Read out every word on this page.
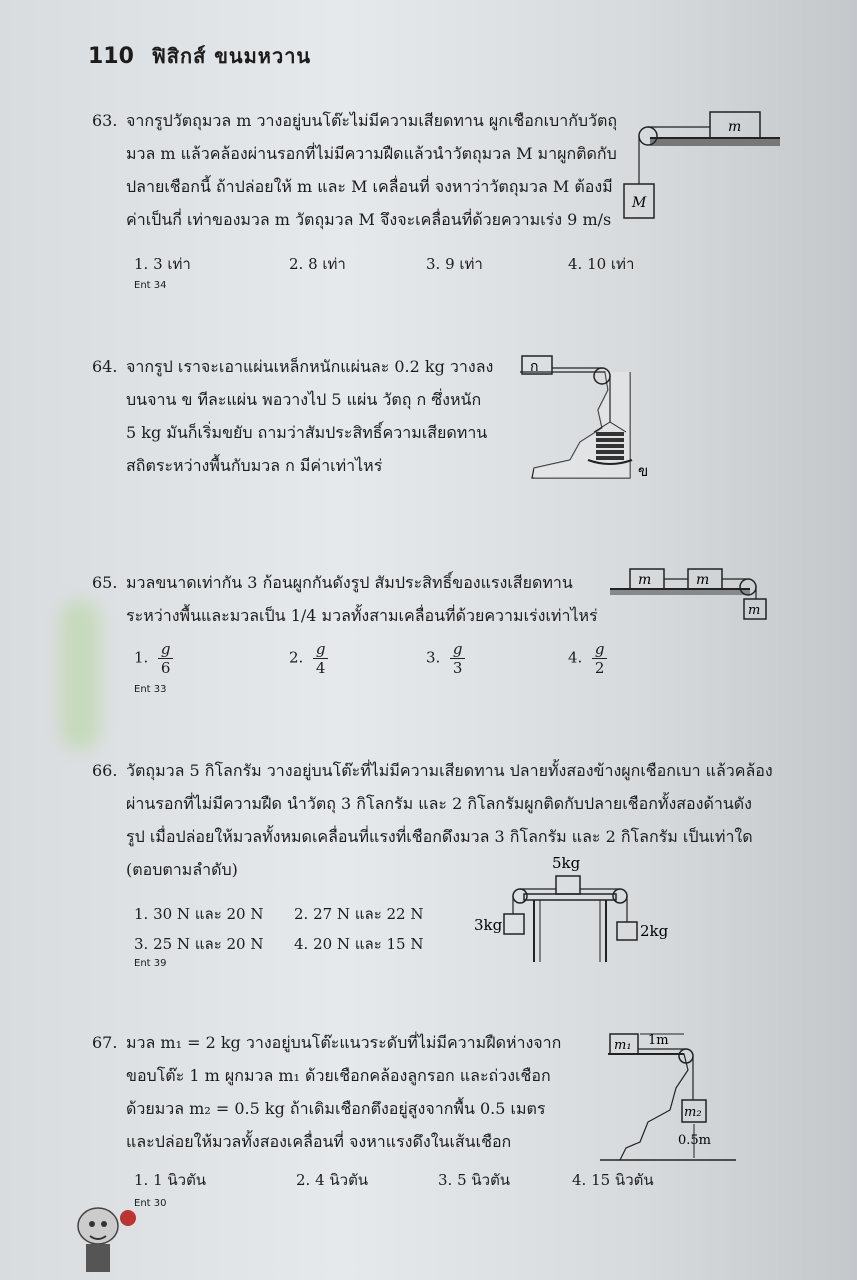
110 ฟิสิกส์ ขนมหวาน
63. จากรูปวัตถุมวล m วางอยู่บนโต๊ะไม่มีความเสียดทาน ผูกเชือกเบากับวัตถุ
มวล m แล้วคล้องผ่านรอกที่ไม่มีความฝืดแล้วนำวัตถุมวล M มาผูกติดกับ
ปลายเชือกนี้ ถ้าปล่อยให้ m และ M เคลื่อนที่ จงหาว่าวัตถุมวล M ต้องมี
ค่าเป็นกี่ เท่าของมวล m วัตถุมวล M จึงจะเคลื่อนที่ด้วยความเร่ง 9 m/s
1. 3 เท่า	2. 8 เท่า	3. 9 เท่า	4. 10 เท่า
Ent 34
m
M
64. จากรูป เราจะเอาแผ่นเหล็กหนักแผ่นละ 0.2 kg วางลง
บนจาน ข ทีละแผ่น พอวางไป 5 แผ่น วัตถุ ก ซึ่งหนัก
5 kg มันก็เริ่มขยับ ถามว่าสัมประสิทธิ์ความเสียดทาน
สถิตระหว่างพื้นกับมวล ก มีค่าเท่าไหร่
ก
ข
65. มวลขนาดเท่ากัน 3 ก้อนผูกกันดังรูป สัมประสิทธิ์ของแรงเสียดทาน
ระหว่างพื้นและมวลเป็น 1/4 มวลทั้งสามเคลื่อนที่ด้วยความเร่งเท่าไหร่
1. $\frac{g}{6}$	2. $\frac{g}{4}$	3. $\frac{g}{3}$	4. $\frac{g}{2}$
Ent 33
m	m
m
66. วัตถุมวล 5 กิโลกรัม วางอยู่บนโต๊ะที่ไม่มีความเสียดทาน ปลายทั้งสองข้างผูกเชือกเบา แล้วคล้อง
ผ่านรอกที่ไม่มีความฝืด นำวัตถุ 3 กิโลกรัม และ 2 กิโลกรัมผูกติดกับปลายเชือกทั้งสองด้านดัง
รูป เมื่อปล่อยให้มวลทั้งหมดเคลื่อนที่แรงที่เชือกดึงมวล 3 กิโลกรัม และ 2 กิโลกรัม เป็นเท่าใด
(ตอบตามลำดับ)
1. 30 N และ 20 N 2. 27 N และ 22 N
3. 25 N และ 20 N 4. 20 N และ 15 N
Ent 39
5kg
3kg	2kg
67. มวล m₁ = 2 kg วางอยู่บนโต๊ะแนวระดับที่ไม่มีความฝืดห่างจาก
ขอบโต๊ะ 1 m ผูกมวล m₁ ด้วยเชือกคล้องลูกรอก และถ่วงเชือก
ด้วยมวล m₂ = 0.5 kg ถ้าเดิมเชือกตึงอยู่สูงจากพื้น 0.5 เมตร
และปล่อยให้มวลทั้งสองเคลื่อนที่ จงหาแรงดึงในเส้นเชือก
1. 1 นิวตัน	2. 4 นิวตัน	3. 5 นิวตัน	4. 15 นิวตัน
Ent 30
m₁ 1m
m₂
0.5m
